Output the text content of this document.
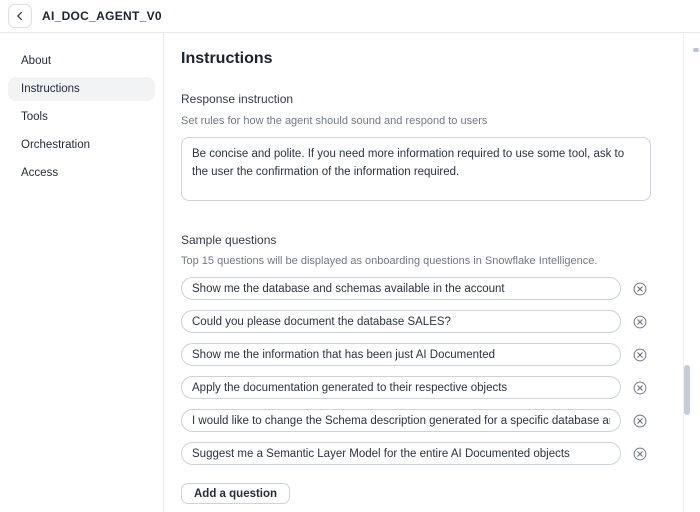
AI_DOC_AGENT_V0
About
Instructions
Tools
Orchestration
Access
Instructions
Response instruction
Set rules for how the agent should sound and respond to users
Be concise and polite. If you need more information required to use some tool, ask to the user the confirmation of the information required.
Sample questions
Top 15 questions will be displayed as onboarding questions in Snowflake Intelligence.
Show me the database and schemas available in the account
Could you please document the database SALES?
Show me the information that has been just AI Documented
Apply the documentation generated to their respective objects
I would like to change the Schema description generated for a specific database and schem
Suggest me a Semantic Layer Model for the entire AI Documented objects
Add a question
